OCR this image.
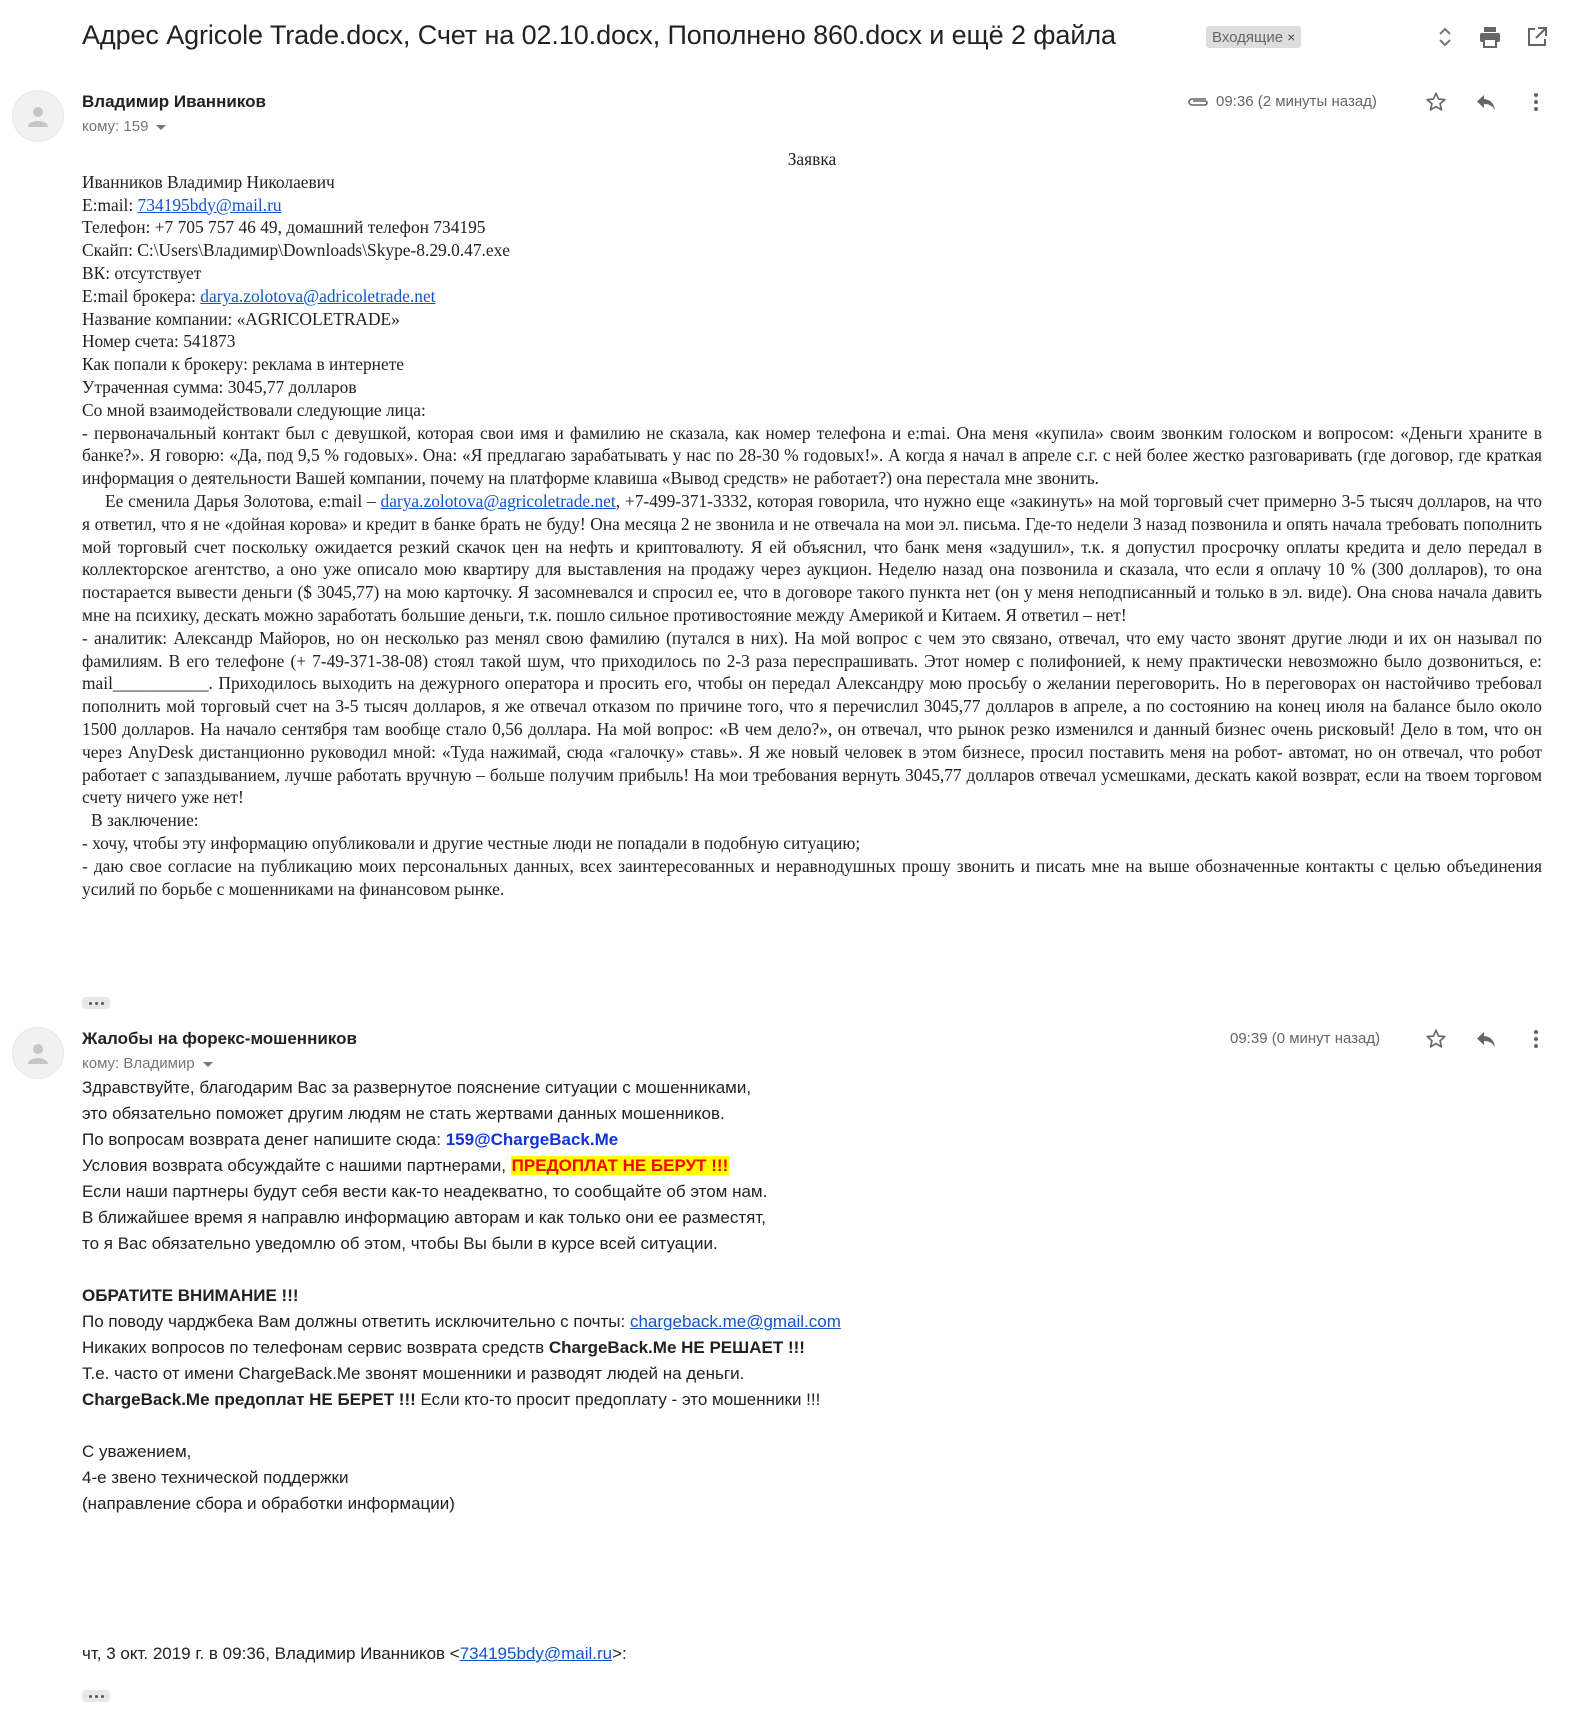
Адрес Agricole Trade.docx, Счет на 02.10.docx, Пополнено 860.docx и ещё 2 файла	Входящие ×
Владимир Иванников
кому: 159
09:36 (2 минуты назад)

Заявка

Иванников Владимир Николаевич

E:mail: 734195bdy@mail.ru

Телефон: +7 705 757 46 49, домашний телефон 734195

Скайп: C:\Users\Владимир\Downloads\Skype-8.29.0.47.exe

ВК: отсутствует

E:mail брокера: darya.zolotova@adricoletrade.net

Название компании: «AGRICOLETRADE»

Номер счета: 541873

Как попали к брокеру: реклама в интернете

Утраченная сумма: 3045,77 долларов

Со мной взаимодействовали следующие лица:

- первоначальный контакт был с девушкой, которая свои имя и фамилию не сказала, как номер телефона и e:mai. Она меня «купила» своим звонким голоском и вопросом: «Деньги храните в банке?». Я говорю: «Да, под 9,5 % годовых». Она: «Я предлагаю зарабатывать у нас по 28-30 % годовых!». А когда я начал в апреле с.г. с ней более жестко разговаривать (где договор, где краткая информация о деятельности Вашей компании, почему на платформе клавиша «Вывод средств» не работает?) она перестала мне звонить.

Ее сменила Дарья Золотова, e:mail – darya.zolotova@agricoletrade.net, +7-499-371-3332, которая говорила, что нужно еще «закинуть» на мой торговый счет примерно 3-5 тысяч долларов, на что я ответил, что я не «дойная корова» и кредит в банке брать не буду! Она месяца 2 не звонила и не отвечала на мои эл. письма. Где-то недели 3 назад позвонила и опять начала требовать пополнить мой торговый счет поскольку ожидается резкий скачок цен на нефть и криптовалюту. Я ей объяснил, что банк меня «задушил», т.к. я допустил просрочку оплаты кредита и дело передал в коллекторское агентство, а оно уже описало мою квартиру для выставления на продажу через аукцион. Неделю назад она позвонила и сказала, что если я оплачу 10 % (300 долларов), то она постарается вывести деньги ($ 3045,77) на мою карточку. Я засомневался и спросил ее, что в договоре такого пункта нет (он у меня неподписанный и только в эл. виде). Она снова начала давить мне на психику, дескать можно заработать большие деньги, т.к. пошло сильное противостояние между Америкой и Китаем. Я ответил – нет!

- аналитик: Александр Майоров, но он несколько раз менял свою фамилию (путался в них). На мой вопрос с чем это связано, отвечал, что ему часто звонят другие люди и их он называл по фамилиям. В его телефоне (+ 7-49-371-38-08) стоял такой шум, что приходилось по 2-3 раза переспрашивать. Этот номер с полифонией, к нему практически невозможно было дозвониться, e: mail___________. Приходилось выходить на дежурного оператора и просить его, чтобы он передал Александру мою просьбу о желании переговорить. Но в переговорах он настойчиво требовал пополнить мой торговый счет на 3-5 тысяч долларов, я же отвечал отказом по причине того, что я перечислил 3045,77 долларов в апреле, а по состоянию на конец июля на балансе было около 1500 долларов. На начало сентября там вообще стало 0,56 доллара. На мой вопрос: «В чем дело?», он отвечал, что рынок резко изменился и данный бизнес очень рисковый! Дело в том, что он через AnyDesk дистанционно руководил мной: «Туда нажимай, сюда «галочку» ставь». Я же новый человек в этом бизнесе, просил поставить меня на робот- автомат, но он отвечал, что робот работает с запаздыванием, лучше работать вручную – больше получим прибыль! На мои требования вернуть 3045,77 долларов отвечал усмешками, дескать какой возврат, если на твоем торговом счету ничего уже нет!

В заключение:

- хочу, чтобы эту информацию опубликовали и другие честные люди не попадали в подобную ситуацию;

- даю свое согласие на публикацию моих персональных данных, всех заинтересованных и неравнодушных прошу звонить и писать мне на выше обозначенные контакты с целью объединения усилий по борьбе с мошенниками на финансовом рынке.

Жалобы на форекс-мошенников
кому: Владимир
09:39 (0 минут назад)

Здравствуйте, благодарим Вас за развернутое пояснение ситуации с мошенниками,

это обязательно поможет другим людям не стать жертвами данных мошенников.

По вопросам возврата денег напишите сюда: 159@ChargeBack.Me

Условия возврата обсуждайте с нашими партнерами, ПРЕДОПЛАТ НЕ БЕРУТ !!!

Если наши партнеры будут себя вести как-то неадекватно, то сообщайте об этом нам.

В ближайшее время я направлю информацию авторам и как только они ее разместят,

то я Вас обязательно уведомлю об этом, чтобы Вы были в курсе всей ситуации.

ОБРАТИТЕ ВНИМАНИЕ !!!

По поводу чарджбека Вам должны ответить исключительно с почты: chargeback.me@gmail.com

Никаких вопросов по телефонам сервис возврата средств ChargeBack.Me НЕ РЕШАЕТ !!!

Т.е. часто от имени ChargeBack.Me звонят мошенники и разводят людей на деньги.

ChargeBack.Me предоплат НЕ БЕРЕТ !!! Если кто-то просит предоплату - это мошенники !!!

С уважением,

4-е звено технической поддержки

(направление сбора и обработки информации)

чт, 3 окт. 2019 г. в 09:36, Владимир Иванников <734195bdy@mail.ru>:
